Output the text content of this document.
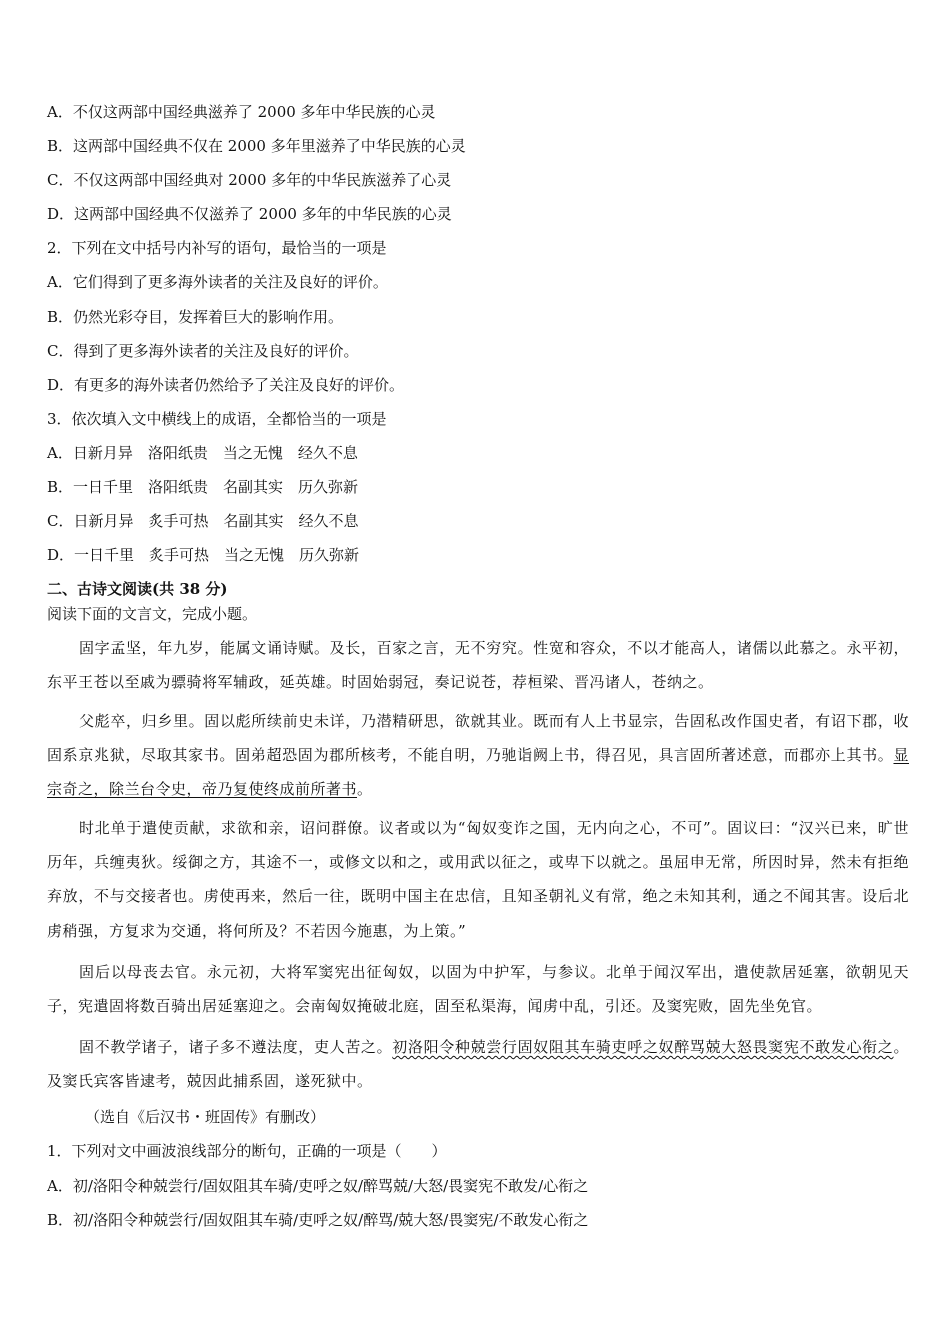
A．不仅这两部中国经典滋养了 2000 多年中华民族的心灵
B．这两部中国经典不仅在 2000 多年里滋养了中华民族的心灵
C．不仅这两部中国经典对 2000 多年的中华民族滋养了心灵
D．这两部中国经典不仅滋养了 2000 多年的中华民族的心灵
2．下列在文中括号内补写的语句，最恰当的一项是
A．它们得到了更多海外读者的关注及良好的评价。
B．仍然光彩夺目，发挥着巨大的影响作用。
C．得到了更多海外读者的关注及良好的评价。
D．有更多的海外读者仍然给予了关注及良好的评价。
3．依次填入文中横线上的成语，全都恰当的一项是
A．日新月异　洛阳纸贵　当之无愧　经久不息
B．一日千里　洛阳纸贵　名副其实　历久弥新
C．日新月异　炙手可热　名副其实　经久不息
D．一日千里　炙手可热　当之无愧　历久弥新
二、古诗文阅读(共 38 分)
阅读下面的文言文，完成小题。
固字孟坚，年九岁，能属文诵诗赋。及长，百家之言，无不穷究。性宽和容众，不以才能高人，诸儒以此慕之。永平初，东平王苍以至戚为骠骑将军辅政，延英雄。时固始弱冠，奏记说苍，荐桓梁、晋冯诸人，苍纳之。
父彪卒，归乡里。固以彪所续前史未详，乃潜精研思，欲就其业。既而有人上书显宗，告固私改作国史者，有诏下郡，收固系京兆狱，尽取其家书。固弟超恐固为郡所核考，不能自明，乃驰诣阙上书，得召见，具言固所著述意，而郡亦上其书。显宗奇之，除兰台令史，帝乃复使终成前所著书。
时北单于遣使贡献，求欲和亲，诏问群僚。议者或以为“匈奴变诈之国，无内向之心，不可”。固议曰：“汉兴已来，旷世历年，兵缠夷狄。绥御之方，其途不一，或修文以和之，或用武以征之，或卑下以就之。虽屈申无常，所因时异，然未有拒绝弃放，不与交接者也。虏使再来，然后一往，既明中国主在忠信，且知圣朝礼义有常，绝之未知其利，通之不闻其害。设后北虏稍强，方复求为交通，将何所及？不若因今施惠，为上策。”
固后以母丧去官。永元初，大将军窦宪出征匈奴，以固为中护军，与参议。北单于闻汉军出，遣使款居延塞，欲朝见天子，宪遣固将数百骑出居延塞迎之。会南匈奴掩破北庭，固至私渠海，闻虏中乱，引还。及窦宪败，固先坐免官。
固不教学诸子，诸子多不遵法度，吏人苦之。初洛阳令种兢尝行固奴阻其车骑吏呼之奴醉骂兢大怒畏窦宪不敢发心衔之。及窦氏宾客皆逮考，兢因此捕系固，遂死狱中。
（选自《后汉书・班固传》有删改）
1．下列对文中画波浪线部分的断句，正确的一项是（　　）
A．初/洛阳令种兢尝行/固奴阻其车骑/吏呼之奴/醉骂兢/大怒/畏窦宪不敢发/心衔之
B．初/洛阳令种兢尝行/固奴阻其车骑/吏呼之奴/醉骂/兢大怒/畏窦宪/不敢发心衔之
